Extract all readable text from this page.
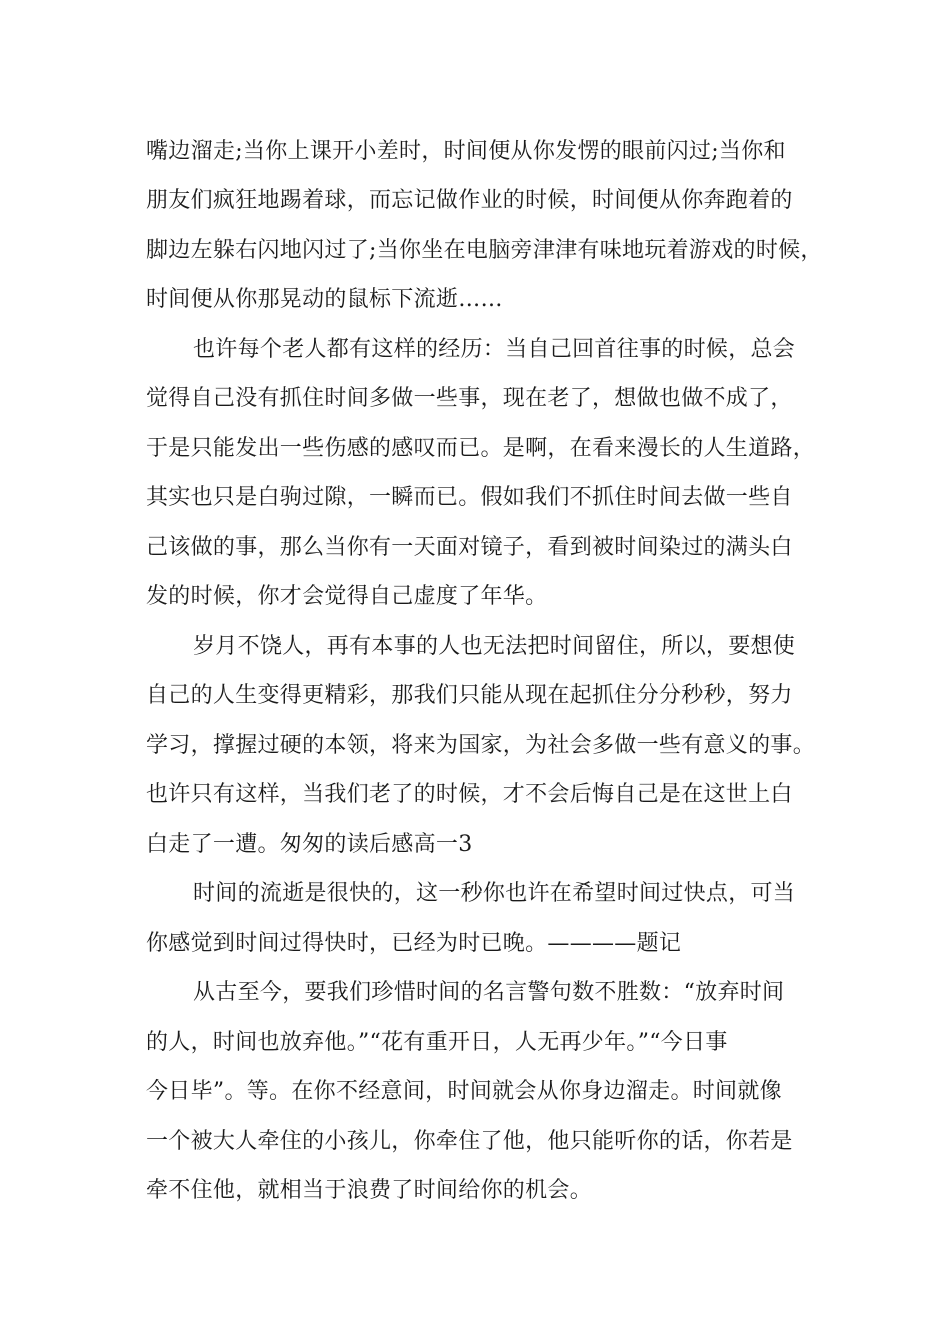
嘴边溜走;当你上课开小差时，时间便从你发愣的眼前闪过;当你和
朋友们疯狂地踢着球，而忘记做作业的时候，时间便从你奔跑着的
脚边左躲右闪地闪过了;当你坐在电脑旁津津有味地玩着游戏的时候，
时间便从你那晃动的鼠标下流逝……
也许每个老人都有这样的经历：当自己回首往事的时候，总会
觉得自己没有抓住时间多做一些事，现在老了，想做也做不成了，
于是只能发出一些伤感的感叹而已。是啊，在看来漫长的人生道路，
其实也只是白驹过隙，一瞬而已。假如我们不抓住时间去做一些自
己该做的事，那么当你有一天面对镜子，看到被时间染过的满头白
发的时候，你才会觉得自己虚度了年华。
岁月不饶人，再有本事的人也无法把时间留住，所以，要想使
自己的人生变得更精彩，那我们只能从现在起抓住分分秒秒，努力
学习，撑握过硬的本领，将来为国家，为社会多做一些有意义的事。
也许只有这样，当我们老了的时候，才不会后悔自己是在这世上白
白走了一遭。匆匆的读后感高一3
时间的流逝是很快的，这一秒你也许在希望时间过快点，可当
你感觉到时间过得快时，已经为时已晚。————题记
从古至今，要我们珍惜时间的名言警句数不胜数：“放弃时间
的人，时间也放弃他。”“花有重开日，人无再少年。”“今日事
今日毕”。等。在你不经意间，时间就会从你身边溜走。时间就像
一个被大人牵住的小孩儿，你牵住了他，他只能听你的话，你若是
牵不住他，就相当于浪费了时间给你的机会。
